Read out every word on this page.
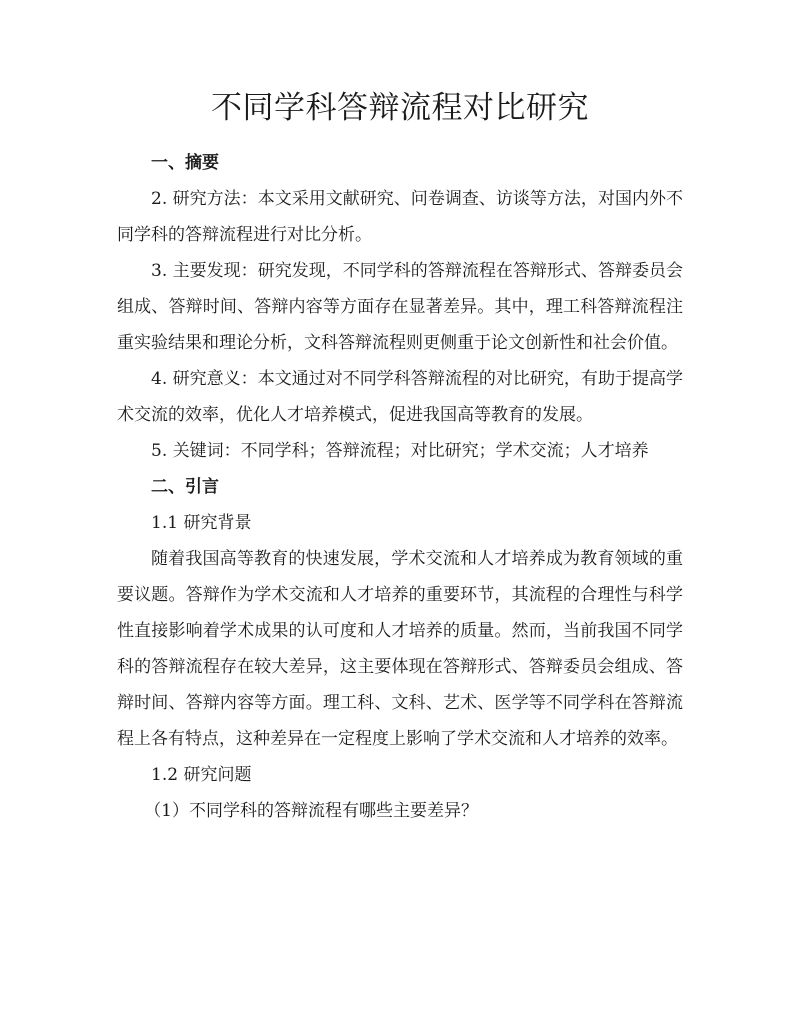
不同学科答辩流程对比研究

一、摘要

2. 研究方法：本文采用文献研究、问卷调查、访谈等方法，对国内外不同学科的答辩流程进行对比分析。

3. 主要发现：研究发现，不同学科的答辩流程在答辩形式、答辩委员会组成、答辩时间、答辩内容等方面存在显著差异。其中，理工科答辩流程注重实验结果和理论分析，文科答辩流程则更侧重于论文创新性和社会价值。

4. 研究意义：本文通过对不同学科答辩流程的对比研究，有助于提高学术交流的效率，优化人才培养模式，促进我国高等教育的发展。

5. 关键词：不同学科；答辩流程；对比研究；学术交流；人才培养

二、引言

1.1 研究背景

随着我国高等教育的快速发展，学术交流和人才培养成为教育领域的重要议题。答辩作为学术交流和人才培养的重要环节，其流程的合理性与科学性直接影响着学术成果的认可度和人才培养的质量。然而，当前我国不同学科的答辩流程存在较大差异，这主要体现在答辩形式、答辩委员会组成、答辩时间、答辩内容等方面。理工科、文科、艺术、医学等不同学科在答辩流程上各有特点，这种差异在一定程度上影响了学术交流和人才培养的效率。

1.2 研究问题

（1）不同学科的答辩流程有哪些主要差异？
